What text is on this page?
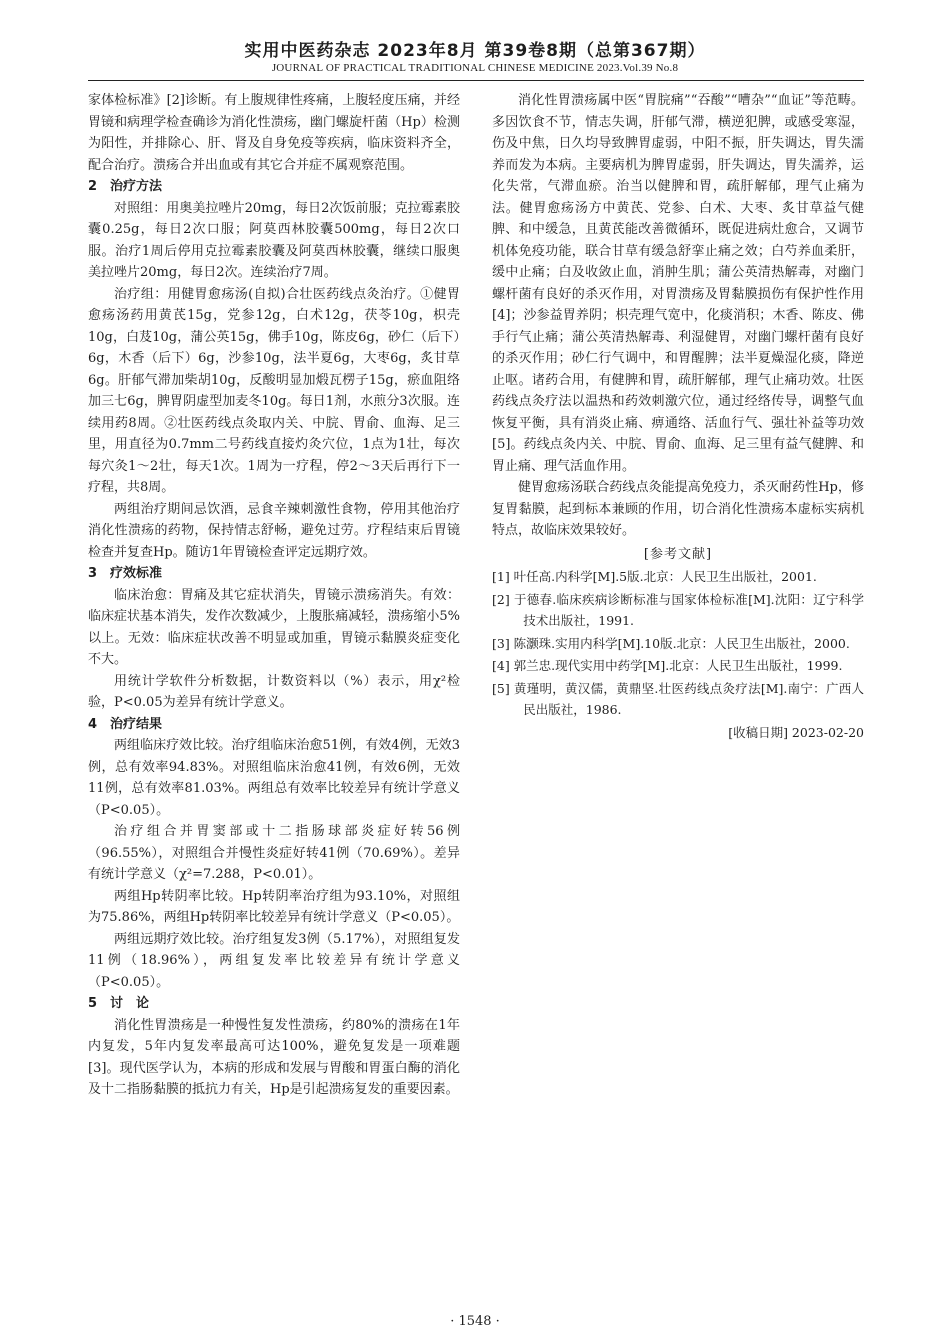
实用中医药杂志 2023年8月 第39卷8期（总第367期）
JOURNAL OF PRACTICAL TRADITIONAL CHINESE MEDICINE 2023.Vol.39 No.8

家体检标准》[2]诊断。有上腹规律性疼痛，上腹轻度压痛，并经胃镜和病理学检查确诊为消化性溃疡，幽门螺旋杆菌（Hp）检测为阳性，并排除心、肝、肾及自身免疫等疾病，临床资料齐全，配合治疗。溃疡合并出血或有其它合并症不属观察范围。

2　治疗方法

对照组：用奥美拉唑片20mg，每日2次饭前服；克拉霉素胶囊0.25g，每日2次口服；阿莫西林胶囊500mg，每日2次口服。治疗1周后停用克拉霉素胶囊及阿莫西林胶囊，继续口服奥美拉唑片20mg，每日2次。连续治疗7周。

治疗组：用健胃愈疡汤(自拟)合壮医药线点灸治疗。①健胃愈疡汤药用黄芪15g，党参12g，白术12g，茯苓10g，枳壳10g，白芨10g，蒲公英15g，佛手10g，陈皮6g，砂仁（后下）6g，木香（后下）6g，沙参10g，法半夏6g，大枣6g，炙甘草6g。肝郁气滞加柴胡10g，反酸明显加煅瓦楞子15g，瘀血阻络加三七6g，脾胃阴虚型加麦冬10g。每日1剂，水煎分3次服。连续用药8周。②壮医药线点灸取内关、中脘、胃俞、血海、足三里，用直径为0.7mm二号药线直接灼灸穴位，1点为1壮，每次每穴灸1～2壮，每天1次。1周为一疗程，停2～3天后再行下一疗程，共8周。

两组治疗期间忌饮酒，忌食辛辣刺激性食物，停用其他治疗消化性溃疡的药物，保持情志舒畅，避免过劳。疗程结束后胃镜检查并复查Hp。随访1年胃镜检查评定远期疗效。

3　疗效标准

临床治愈：胃痛及其它症状消失，胃镜示溃疡消失。有效：临床症状基本消失，发作次数减少，上腹胀痛减轻，溃疡缩小5%以上。无效：临床症状改善不明显或加重，胃镜示黏膜炎症变化不大。

用统计学软件分析数据，计数资料以（%）表示，用χ²检验，P<0.05为差异有统计学意义。

4　治疗结果

两组临床疗效比较。治疗组临床治愈51例，有效4例，无效3例，总有效率94.83%。对照组临床治愈41例，有效6例，无效11例，总有效率81.03%。两组总有效率比较差异有统计学意义（P<0.05）。

治疗组合并胃窦部或十二指肠球部炎症好转56例（96.55%），对照组合并慢性炎症好转41例（70.69%）。差异有统计学意义（χ²=7.288，P<0.01）。

两组Hp转阴率比较。Hp转阴率治疗组为93.10%，对照组为75.86%，两组Hp转阴率比较差异有统计学意义（P<0.05）。

两组远期疗效比较。治疗组复发3例（5.17%），对照组复发11例（18.96%），两组复发率比较差异有统计学意义（P<0.05）。

5　讨　论

消化性胃溃疡是一种慢性复发性溃疡，约80%的溃疡在1年内复发，5年内复发率最高可达100%，避免复发是一项难题[3]。现代医学认为，本病的形成和发展与胃酸和胃蛋白酶的消化及十二指肠黏膜的抵抗力有关，Hp是引起溃疡复发的重要因素。

消化性胃溃疡属中医“胃脘痛”“吞酸”“嘈杂”“血证”等范畴。多因饮食不节，情志失调，肝郁气滞，横逆犯脾，或感受寒湿，伤及中焦，日久均导致脾胃虚弱，中阳不振，肝失调达，胃失濡养而发为本病。主要病机为脾胃虚弱，肝失调达，胃失濡养，运化失常，气滞血瘀。治当以健脾和胃，疏肝解郁，理气止痛为法。健胃愈疡汤方中黄芪、党参、白术、大枣、炙甘草益气健脾、和中缓急，且黄芪能改善微循环，既促进病灶愈合，又调节机体免疫功能，联合甘草有缓急舒挛止痛之效；白芍养血柔肝，缓中止痛；白及收敛止血，消肿生肌；蒲公英清热解毒，对幽门螺杆菌有良好的杀灭作用，对胃溃疡及胃黏膜损伤有保护性作用[4]；沙参益胃养阴；枳壳理气宽中，化痰消积；木香、陈皮、佛手行气止痛；蒲公英清热解毒、利湿健胃，对幽门螺杆菌有良好的杀灭作用；砂仁行气调中，和胃醒脾；法半夏燥湿化痰，降逆止呕。诸药合用，有健脾和胃，疏肝解郁，理气止痛功效。壮医药线点灸疗法以温热和药效刺激穴位，通过经络传导，调整气血恢复平衡，具有消炎止痛、痹通络、活血行气、强壮补益等功效[5]。药线点灸内关、中脘、胃俞、血海、足三里有益气健脾、和胃止痛、理气活血作用。

健胃愈疡汤联合药线点灸能提高免疫力，杀灭耐药性Hp，修复胃黏膜，起到标本兼顾的作用，切合消化性溃疡本虚标实病机特点，故临床效果较好。

[参考文献]

[1] 叶任高.内科学[M].5版.北京：人民卫生出版社，2001.

[2] 于德春.临床疾病诊断标准与国家体检标准[M].沈阳：辽宁科学技术出版社，1991.

[3] 陈灏珠.实用内科学[M].10版.北京：人民卫生出版社，2000.

[4] 郭兰忠.现代实用中药学[M].北京：人民卫生出版社，1999.

[5] 黄瑾明，黄汉儒，黄鼎坚.壮医药线点灸疗法[M].南宁：广西人民出版社，1986.

[收稿日期] 2023-02-20

· 1548 ·
